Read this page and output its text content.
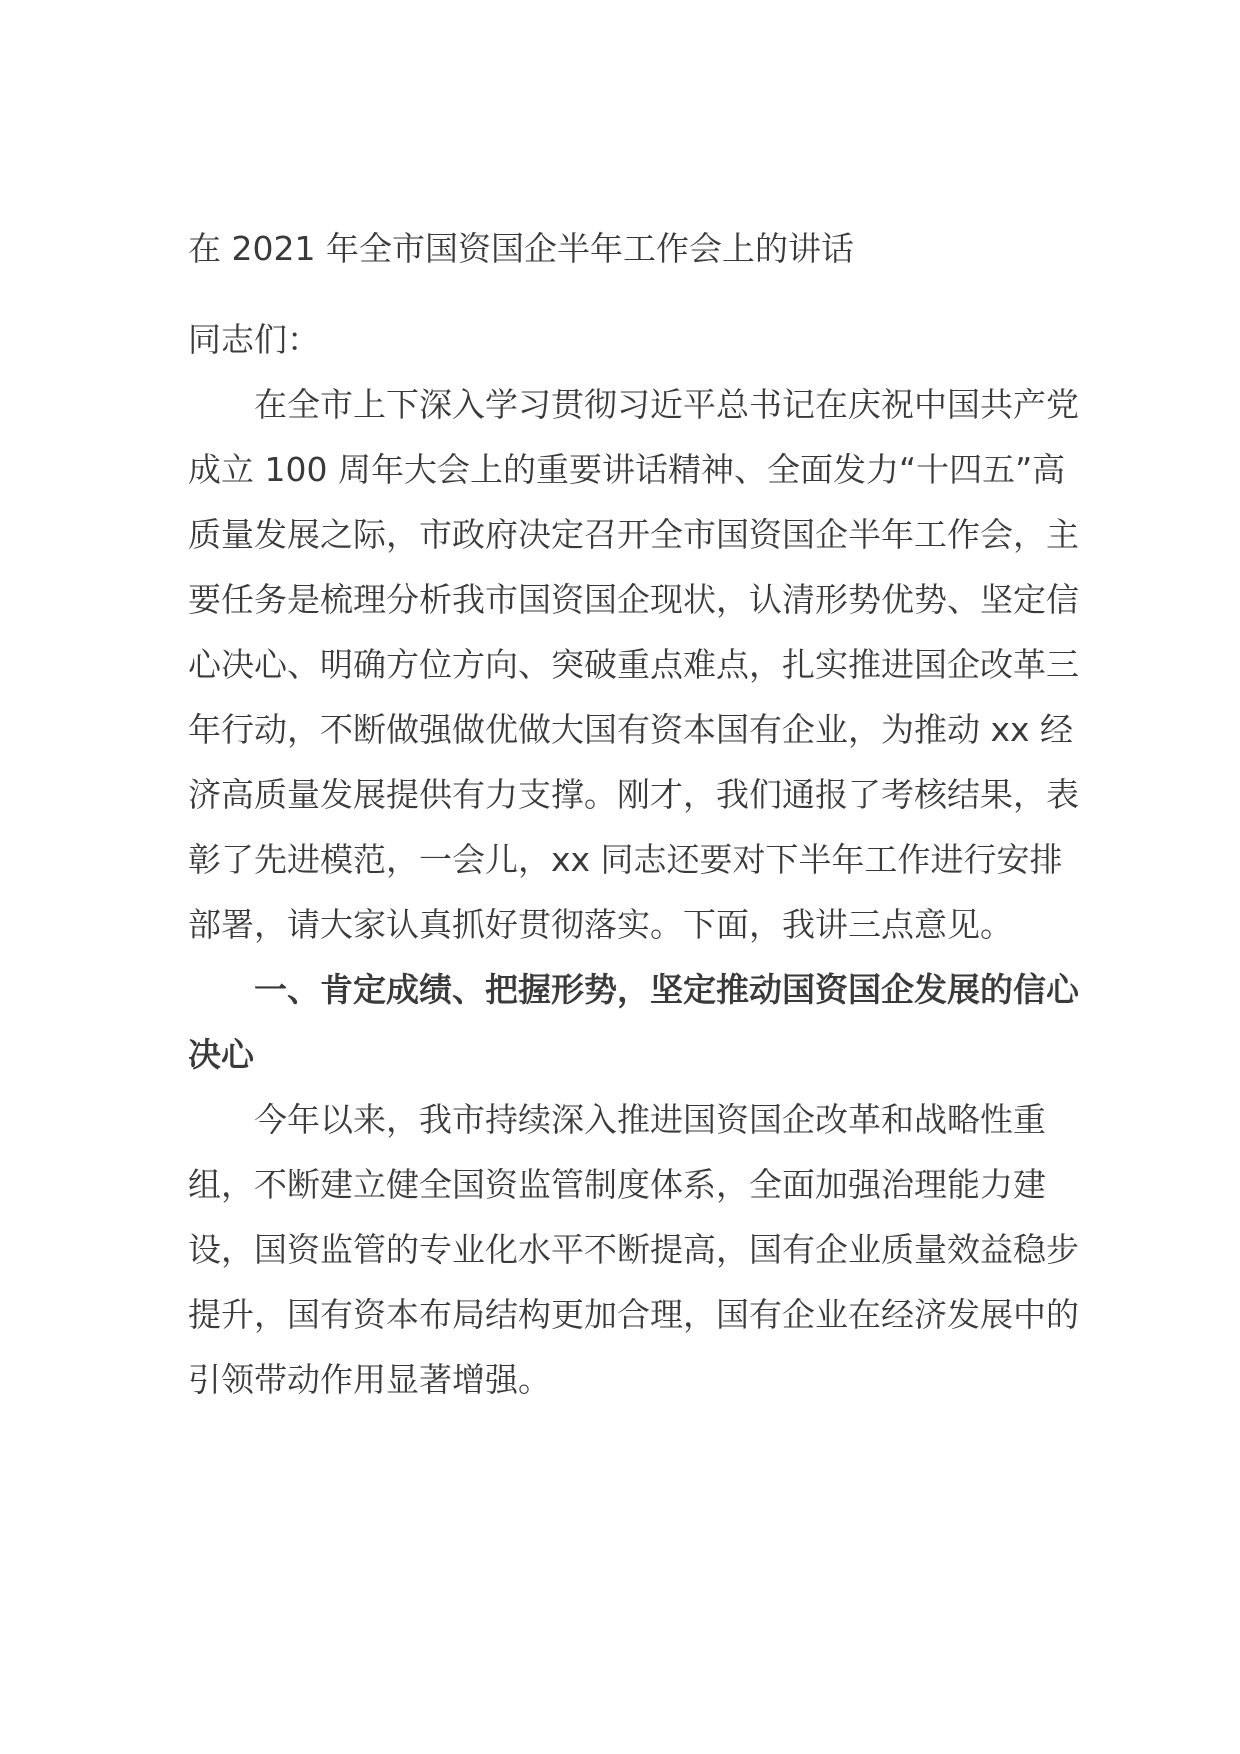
在 2021 年全市国资国企半年工作会上的讲话

同志们：

在全市上下深入学习贯彻习近平总书记在庆祝中国共产党成立 100 周年大会上的重要讲话精神、全面发力“十四五”高质量发展之际，市政府决定召开全市国资国企半年工作会，主要任务是梳理分析我市国资国企现状，认清形势优势、坚定信心决心、明确方位方向、突破重点难点，扎实推进国企改革三年行动，不断做强做优做大国有资本国有企业，为推动 xx 经济高质量发展提供有力支撑。刚才，我们通报了考核结果，表彰了先进模范，一会儿，xx 同志还要对下半年工作进行安排部署，请大家认真抓好贯彻落实。下面，我讲三点意见。

一、肯定成绩、把握形势，坚定推动国资国企发展的信心决心

今年以来，我市持续深入推进国资国企改革和战略性重组，不断建立健全国资监管制度体系，全面加强治理能力建设，国资监管的专业化水平不断提高，国有企业质量效益稳步提升，国有资本布局结构更加合理，国有企业在经济发展中的引领带动作用显著增强。
